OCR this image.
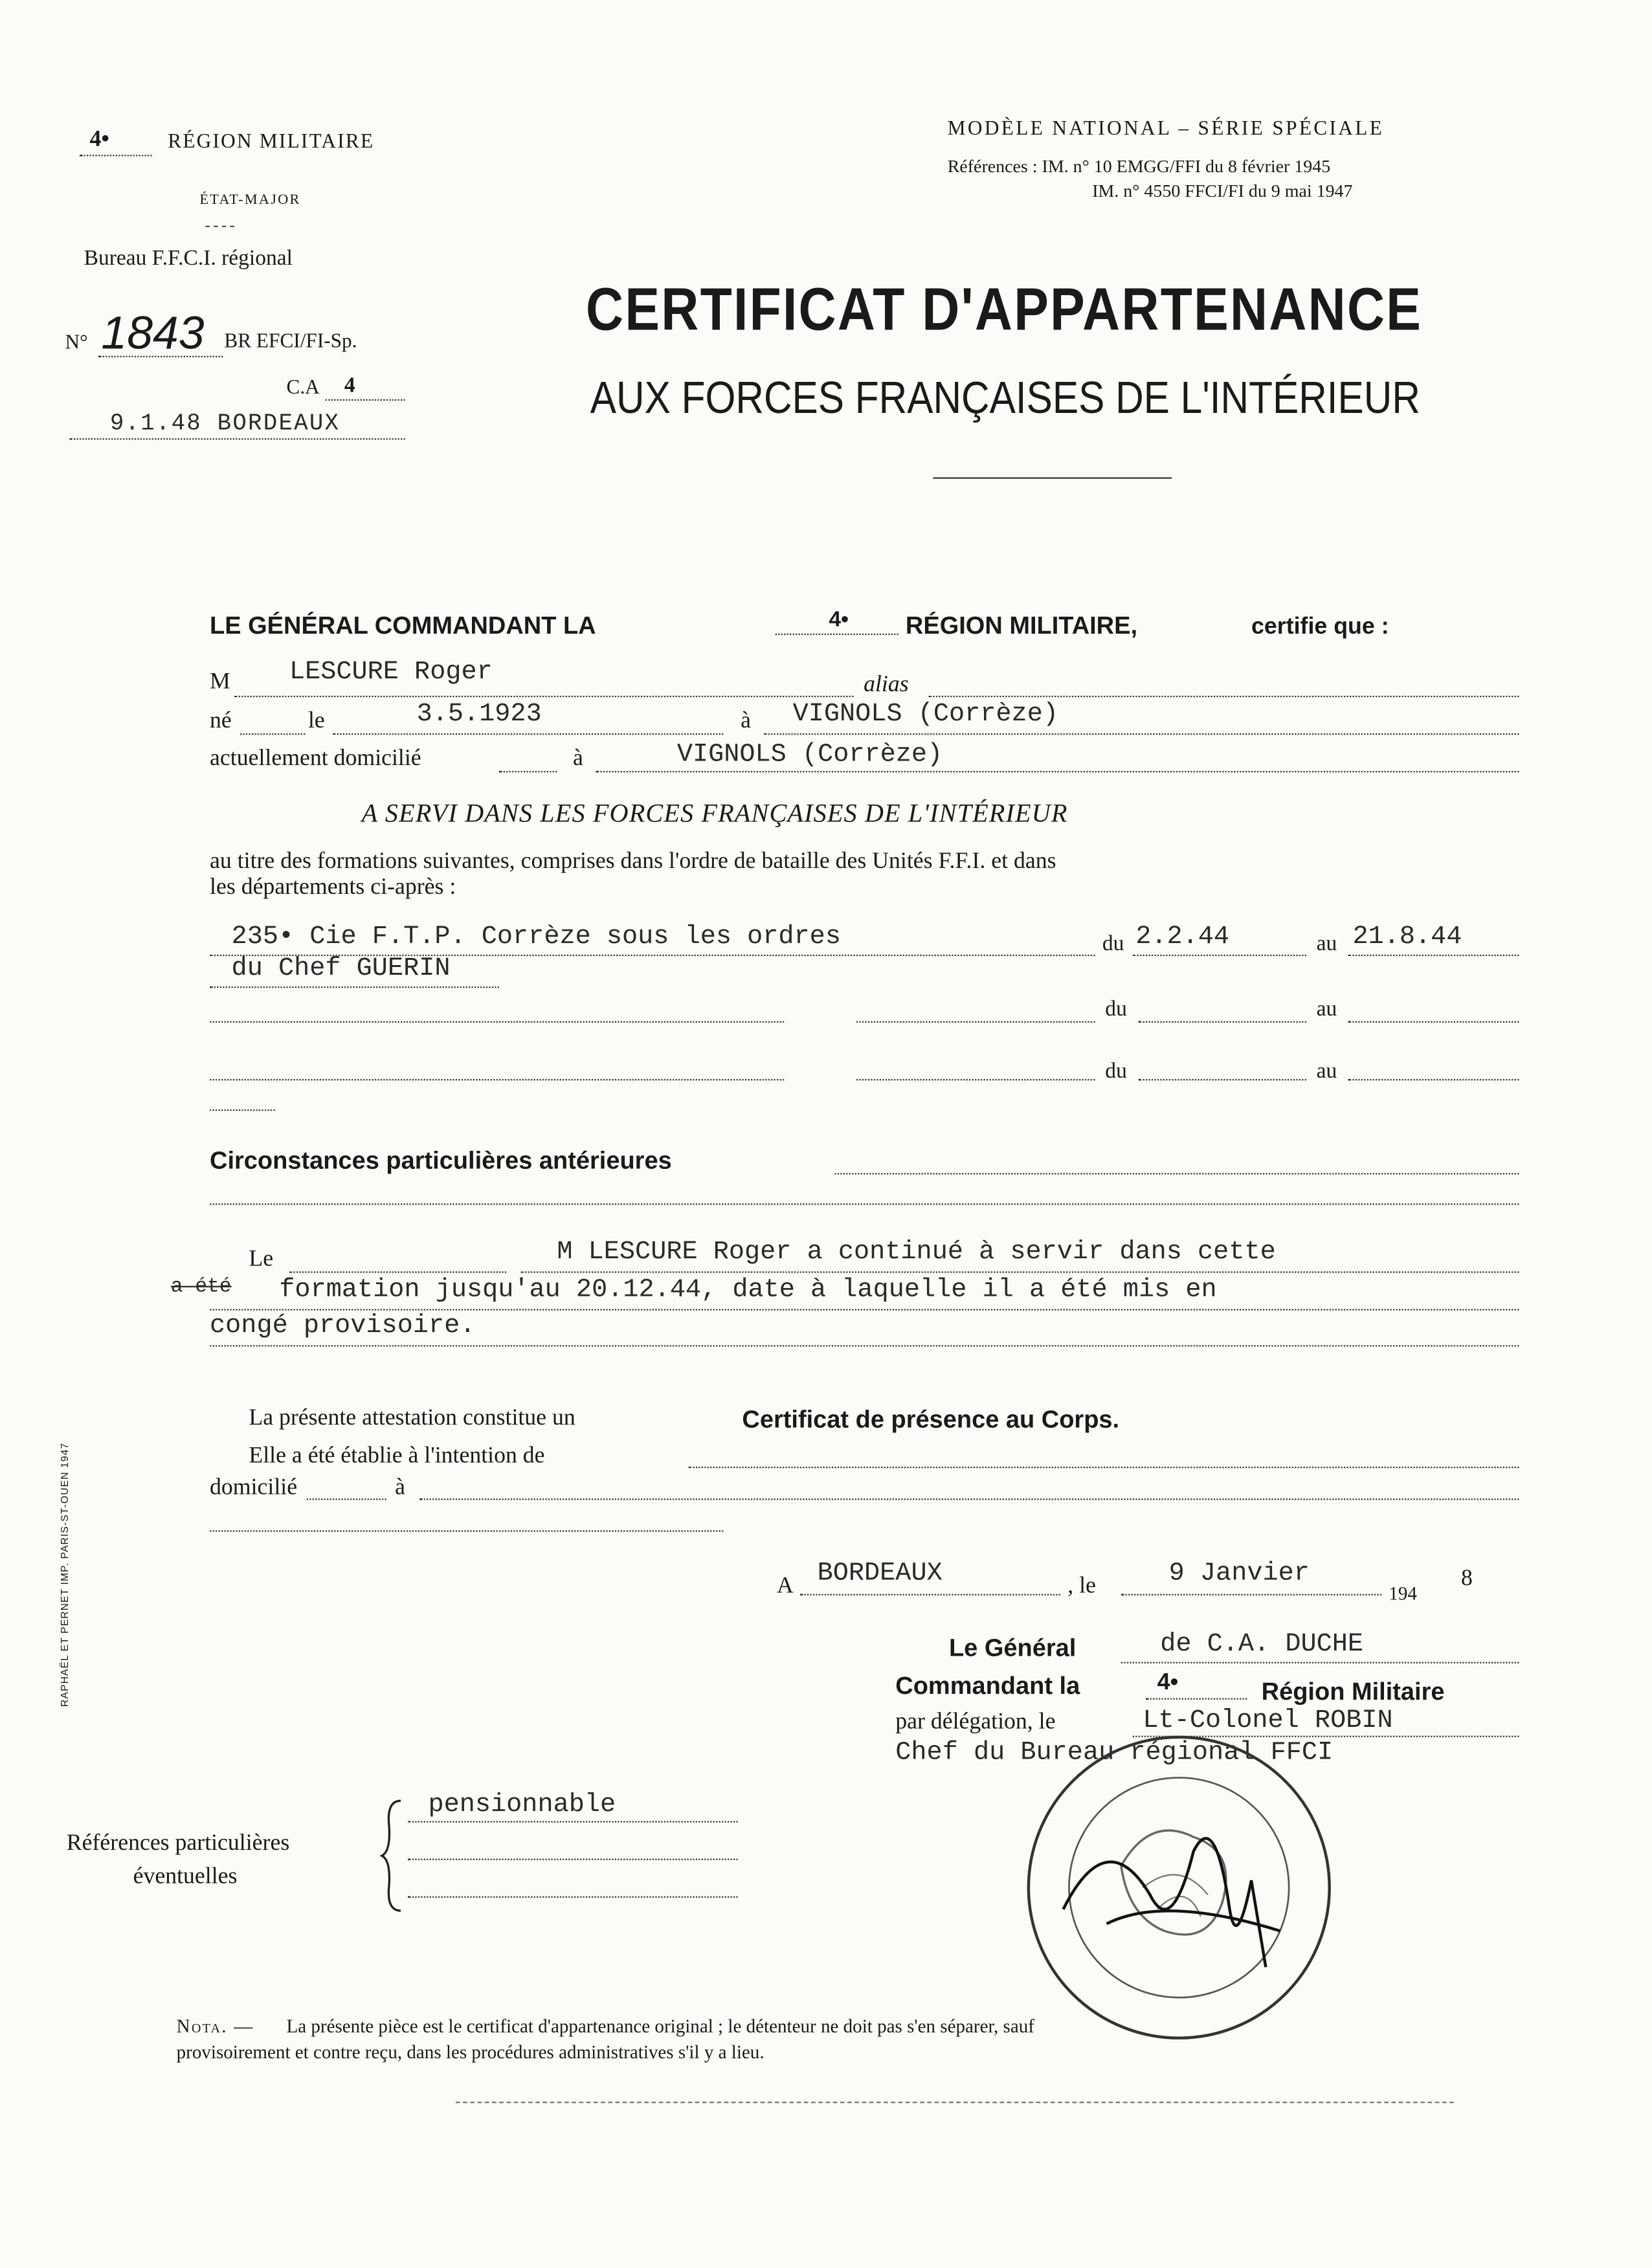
4•	RÉGION MILITAIRE
ÉTAT-MAJOR
Bureau F.F.C.I. régional
N° 1843 BR EFCI/FI-Sp.
C.A	4
9.1.48 BORDEAUX
MODÈLE NATIONAL – SÉRIE SPÉCIALE
Références : IM. n° 10 EMGG/FFI du 8 février 1945
IM. n° 4550 FFCI/FI du 9 mai 1947
CERTIFICAT D'APPARTENANCE
AUX FORCES FRANÇAISES DE L'INTÉRIEUR
LE GÉNÉRAL COMMANDANT LA	4•	RÉGION MILITAIRE,	certifie que :
M	LESCURE Roger	alias
né	le	3.5.1923	à	VIGNOLS (Corrèze)
actuellement domicilié	à	VIGNOLS (Corrèze)
A SERVI DANS LES FORCES FRANÇAISES DE L'INTÉRIEUR
au titre des formations suivantes, comprises dans l'ordre de bataille des Unités F.F.I. et dans
les départements ci-après :
235• Cie F.T.P. Corrèze sous les ordres	du 2.2.44	au 21.8.44
du Chef GUERIN
du	au
du	au
Circonstances particulières antérieures
Le	M LESCURE Roger a continué à servir dans cette
a été	formation jusqu'au 20.12.44, date à laquelle il a été mis en
congé provisoire.
La présente attestation constitue un	Certificat de présence au Corps.
Elle a été établie à l'intention de
domicilié	à
A BORDEAUX	, le	9 Janvier
194
8
Le Général	de C.A. DUCHE
Commandant la	4•	Région Militaire
par délégation, le	Lt-Colonel ROBIN
Chef du Bureau régional FFCI
Références particulières
éventuelles
pensionnable
Nota. —	La présente pièce est le certificat d'appartenance original ; le détenteur ne doit pas s'en séparer, sauf
provisoirement et contre reçu, dans les procédures administratives s'il y a lieu.
RAPHAËL ET PERNET IMP. PARIS-ST-OUEN 1947
